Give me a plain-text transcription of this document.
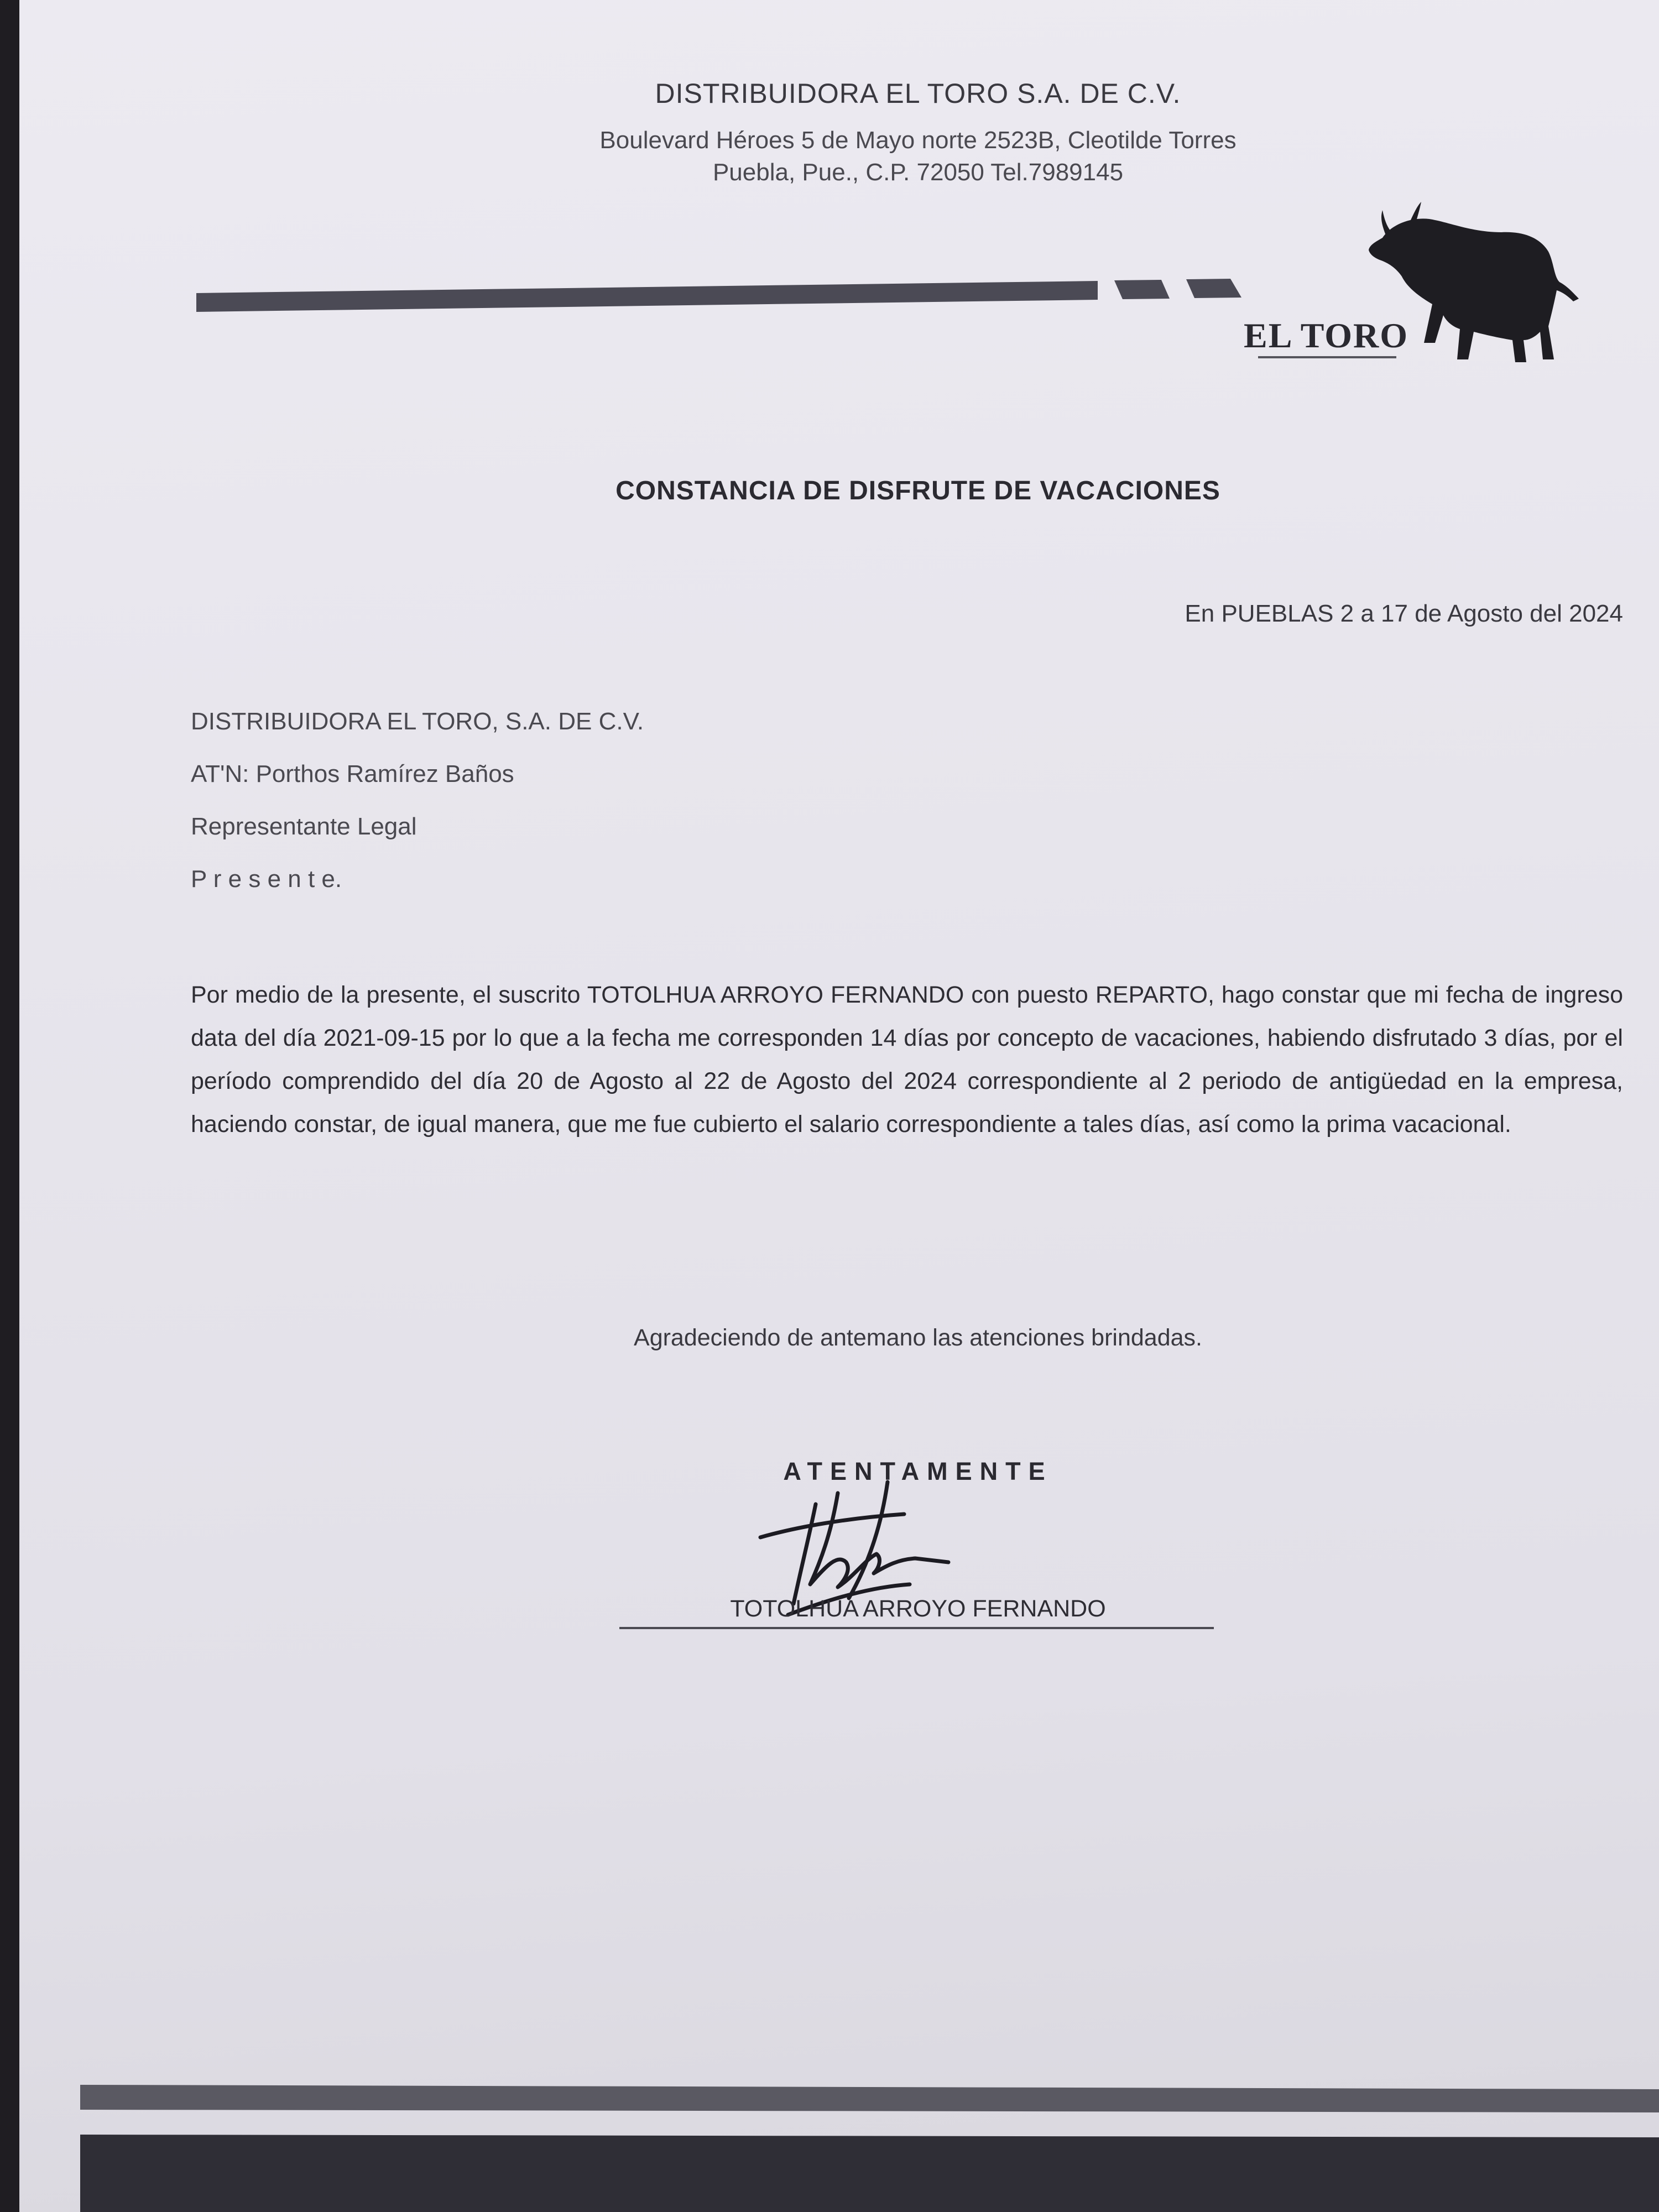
DISTRIBUIDORA EL TORO S.A. DE C.V.
Boulevard Héroes 5 de Mayo norte 2523B, Cleotilde Torres
Puebla, Pue., C.P. 72050 Tel.7989145
EL TORO
CONSTANCIA DE DISFRUTE DE VACACIONES
En PUEBLAS 2 a 17 de Agosto del 2024
DISTRIBUIDORA EL TORO, S.A. DE C.V.
AT'N: Porthos Ramírez Baños
Representante Legal
P r e s e n t e.
Por medio de la presente, el suscrito TOTOLHUA ARROYO FERNANDO con puesto REPARTO, hago constar que mi fecha de ingreso data del día 2021-09-15 por lo que a la fecha me corresponden 14 días por concepto de vacaciones, habiendo disfrutado 3 días, por el período comprendido del día 20 de Agosto al 22 de Agosto del 2024 correspondiente al 2 periodo de antigüedad en la empresa, haciendo constar, de igual manera, que me fue cubierto el salario correspondiente a tales días, así como la prima vacacional.
Agradeciendo de antemano las atenciones brindadas.
ATENTAMENTE
TOTOLHUA ARROYO FERNANDO
